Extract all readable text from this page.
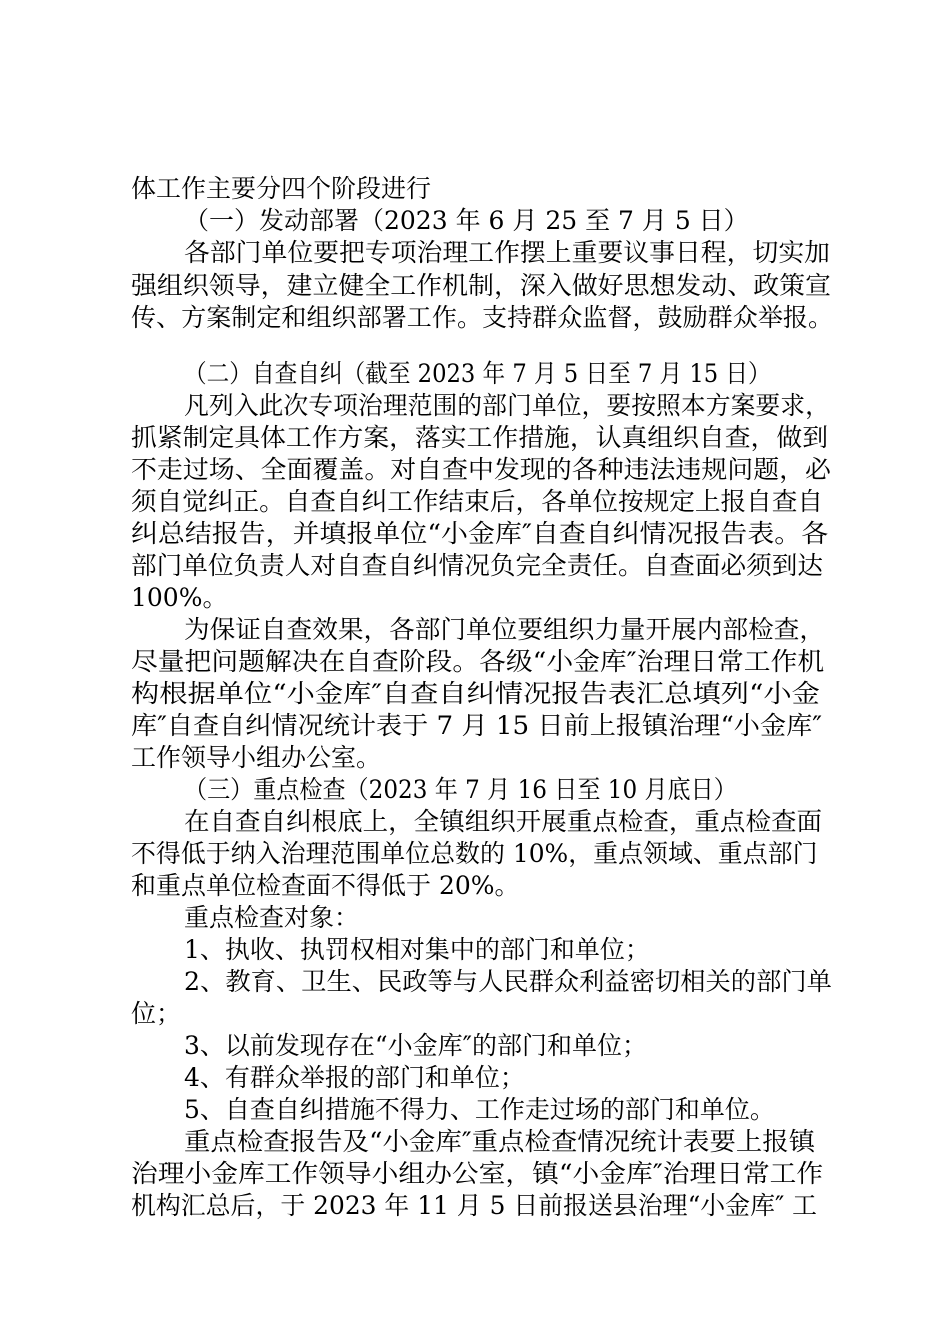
体工作主要分四个阶段进行
（一）发动部署（2023 年 6 月 25 至 7 月 5 日）
各部门单位要把专项治理工作摆上重要议事日程，切实加
强组织领导，建立健全工作机制，深入做好思想发动、政策宣
传、方案制定和组织部署工作。支持群众监督，鼓励群众举报。
（二）自查自纠（截至 2023 年 7 月 5 日至 7 月 15 日）
凡列入此次专项治理范围的部门单位，要按照本方案要求，
抓紧制定具体工作方案，落实工作措施，认真组织自查，做到
不走过场、全面覆盖。对自查中发现的各种违法违规问题，必
须自觉纠正。自查自纠工作结束后，各单位按规定上报自查自
纠总结报告，并填报单位“小金库″自查自纠情况报告表。各
部门单位负责人对自查自纠情况负完全责任。自查面必须到达
100%。
为保证自查效果，各部门单位要组织力量开展内部检查，
尽量把问题解决在自查阶段。各级“小金库″治理日常工作机
构根据单位“小金库″自查自纠情况报告表汇总填列“小金
库″自查自纠情况统计表于 7 月 15 日前上报镇治理“小金库″
工作领导小组办公室。
（三）重点检查（2023 年 7 月 16 日至 10 月底日）
在自查自纠根底上，全镇组织开展重点检查，重点检查面
不得低于纳入治理范围单位总数的 10%，重点领域、重点部门
和重点单位检查面不得低于 20%。
重点检查对象：
1、执收、执罚权相对集中的部门和单位；
2、教育、卫生、民政等与人民群众利益密切相关的部门单
位；
3、以前发现存在“小金库″的部门和单位；
4、有群众举报的部门和单位；
5、自查自纠措施不得力、工作走过场的部门和单位。
重点检查报告及“小金库″重点检查情况统计表要上报镇
治理小金库工作领导小组办公室，镇“小金库″治理日常工作
机构汇总后，于 2023 年 11 月 5 日前报送县治理“小金库″ 工
